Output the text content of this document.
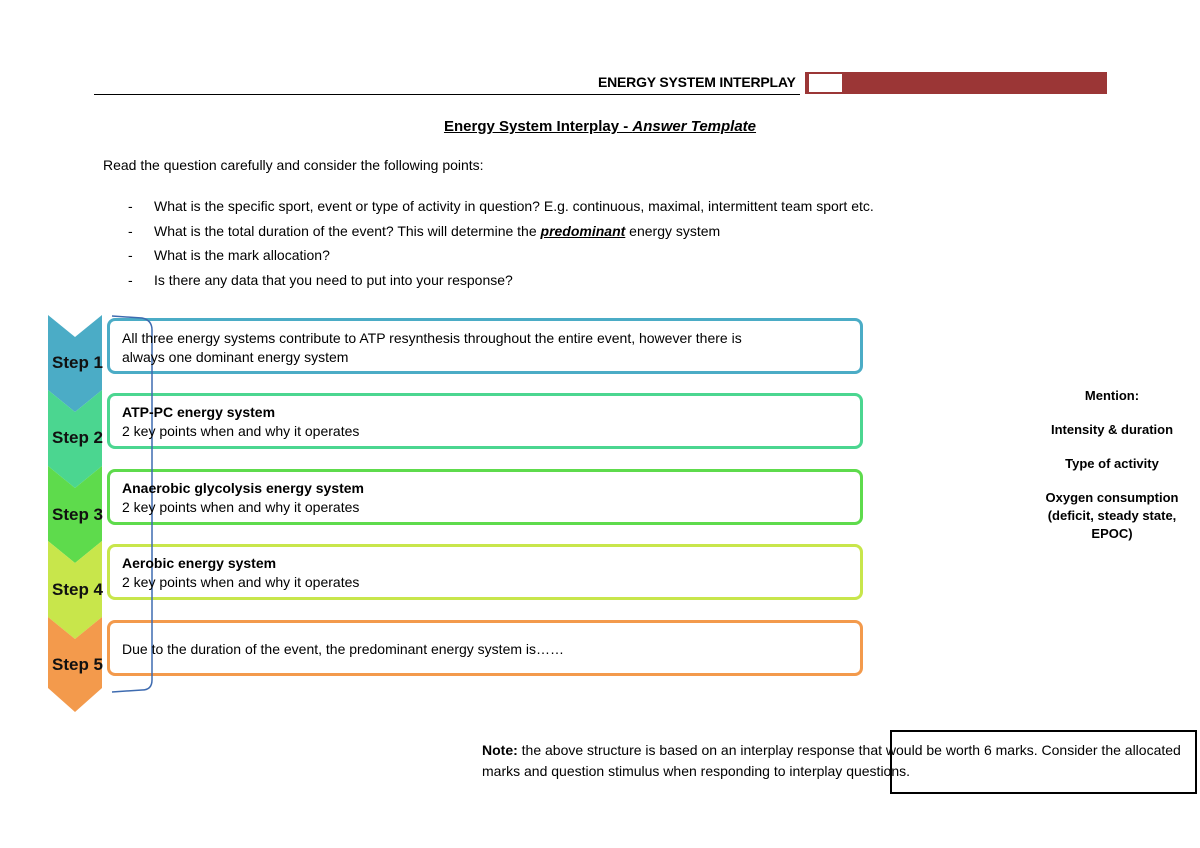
ENERGY SYSTEM INTERPLAY
Energy System Interplay - Answer Template
Read the question carefully and consider the following points:
- What is the specific sport, event or type of activity in question? E.g. continuous, maximal, intermittent team sport etc.
- What is the total duration of the event? This will determine the predominant energy system
- What is the mark allocation?
- Is there any data that you need to put into your response?
Step 1
Step 2
Step 3
Step 4
Step 5
All three energy systems contribute to ATP resynthesis throughout the entire event, however there is
always one dominant energy system
ATP-PC energy system
2 key points when and why it operates
Anaerobic glycolysis energy system
2 key points when and why it operates
Aerobic energy system
2 key points when and why it operates
Due to the duration of the event, the predominant energy system is……
Mention:
Intensity & duration
Type of activity
Oxygen consumption
(deficit, steady state,
EPOC)
Note: the above structure is based on an interplay response that would be worth 6 marks. Consider the allocated marks and question stimulus when responding to interplay questions.
